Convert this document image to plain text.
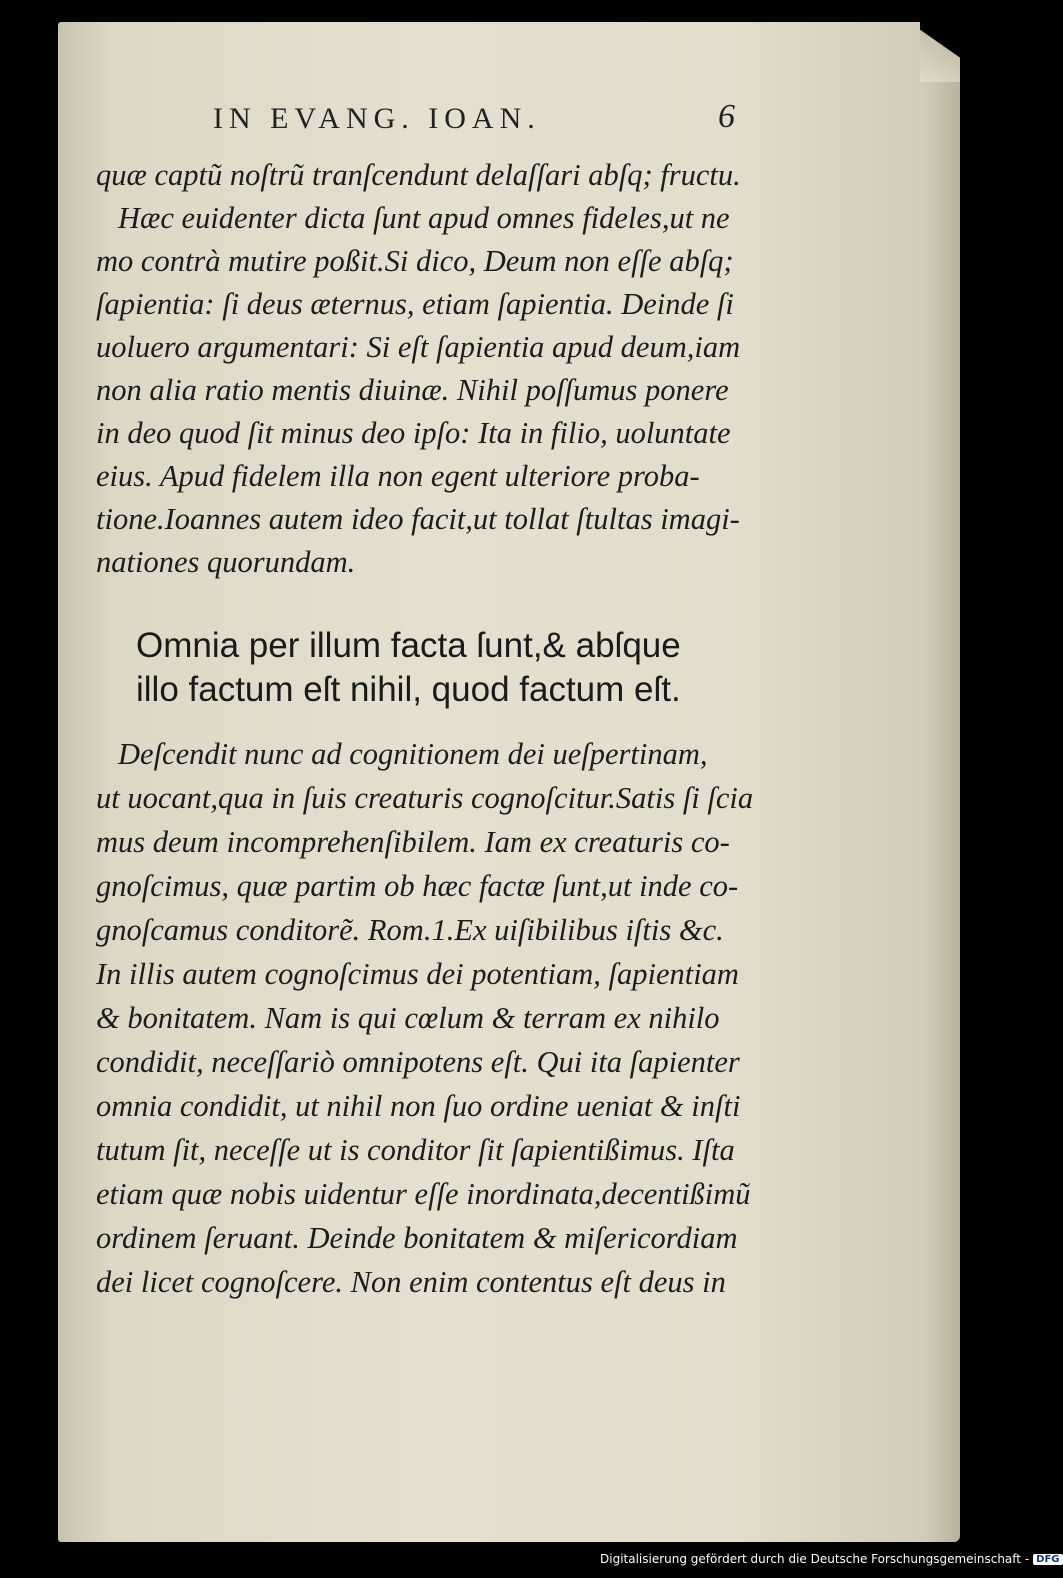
IN EVANG. IOAN.	6
quæ captũ noſtrũ tranſcendunt delaſſari abſq; fructu.
Hæc euidenter dicta ſunt apud omnes fideles,ut ne
mo contrà mutire poßit.Si dico, Deum non eſſe abſq;
ſapientia: ſi deus æternus, etiam ſapientia. Deinde ſi
uoluero argumentari: Si eſt ſapientia apud deum,iam
non alia ratio mentis diuinæ. Nihil poſſumus ponere
in deo quod ſit minus deo ipſo: Ita in filio, uoluntate
eius. Apud fidelem illa non egent ulteriore proba-
tione.Ioannes autem ideo facit,ut tollat ſtultas imagi-
nationes quorundam.
Omnia per illum facta ſunt,& abſque
illo factum eſt nihil, quod factum eſt.
Deſcendit nunc ad cognitionem dei ueſpertinam,
ut uocant,qua in ſuis creaturis cognoſcitur.Satis ſi ſcia
mus deum incomprehenſibilem. Iam ex creaturis co-
gnoſcimus, quæ partim ob hæc factæ ſunt,ut inde co-
gnoſcamus conditorẽ. Rom.1.Ex uiſibilibus iſtis &c.
In illis autem cognoſcimus dei potentiam, ſapientiam
& bonitatem. Nam is qui cœlum & terram ex nihilo
condidit, neceſſariò omnipotens eſt. Qui ita ſapienter
omnia condidit, ut nihil non ſuo ordine ueniat & inſti
tutum ſit, neceſſe ut is conditor ſit ſapientißimus. Iſta
etiam quæ nobis uidentur eſſe inordinata,decentißimũ
ordinem ſeruant. Deinde bonitatem & miſericordiam
dei licet cognoſcere. Non enim contentus eſt deus in
Digitalisierung gefördert durch die Deutsche Forschungsgemeinschaft - DFG
